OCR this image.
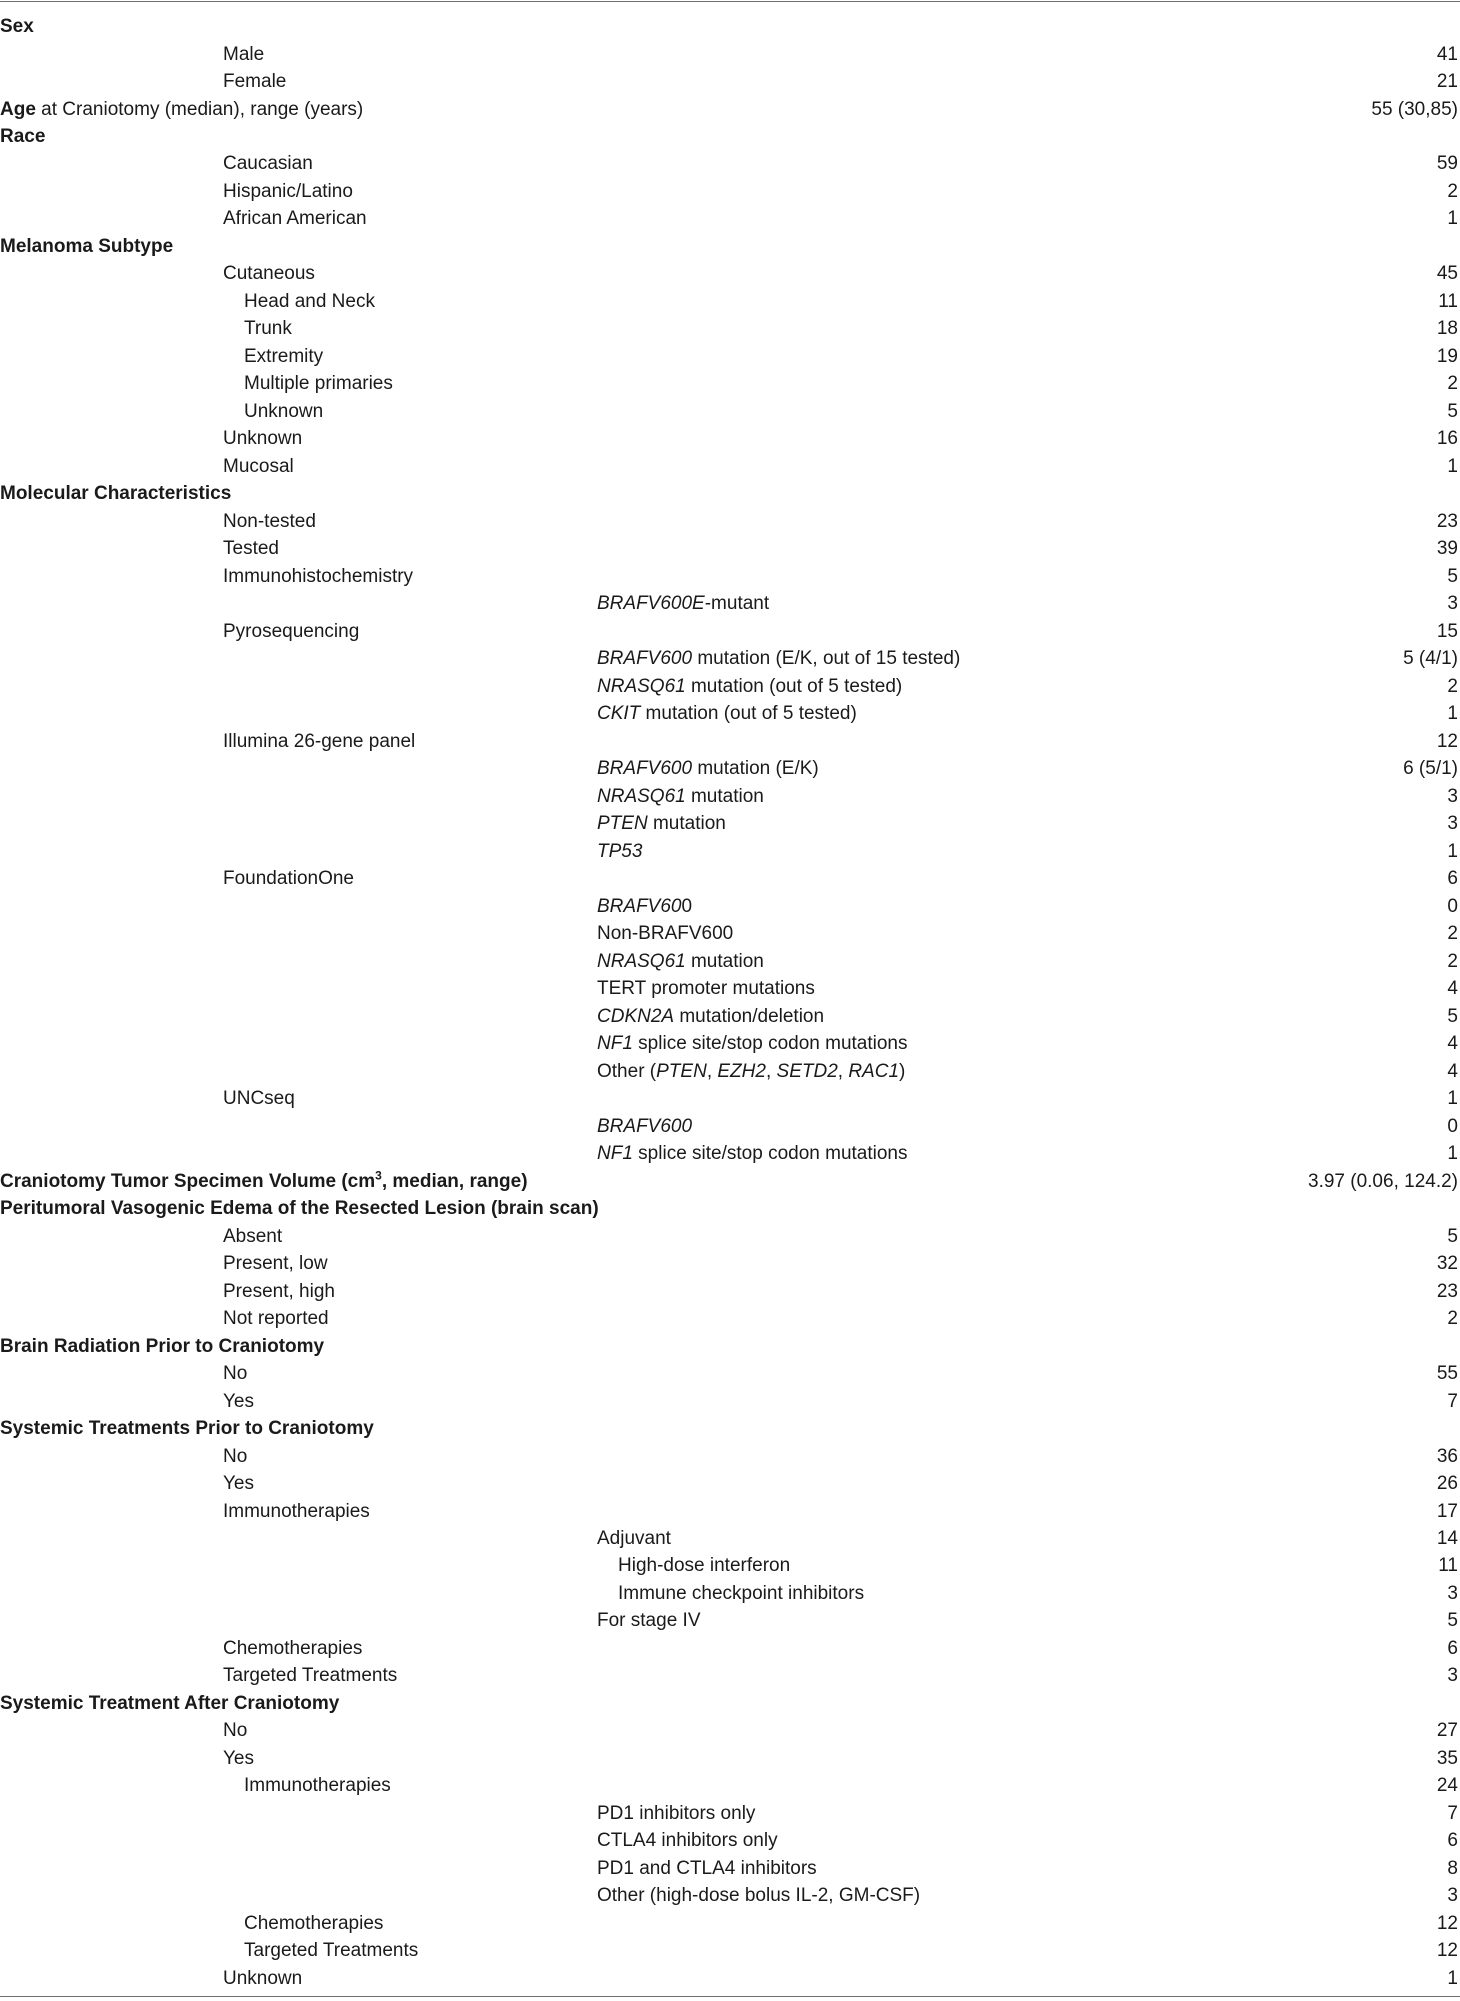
Sex
Male	41
Female	21
Age at Craniotomy (median), range (years)	55 (30,85)
Race
Caucasian	59
Hispanic/Latino	2
African American	1
Melanoma Subtype
Cutaneous	45
Head and Neck	11
Trunk	18
Extremity	19
Multiple primaries	2
Unknown	5
Unknown	16
Mucosal	1
Molecular Characteristics
Non-tested	23
Tested	39
Immunohistochemistry	5
BRAFV600E-mutant	3
Pyrosequencing	15
BRAFV600 mutation (E/K, out of 15 tested)	5 (4/1)
NRASQ61 mutation (out of 5 tested)	2
CKIT mutation (out of 5 tested)	1
Illumina 26-gene panel	12
BRAFV600 mutation (E/K)	6 (5/1)
NRASQ61 mutation	3
PTEN mutation	3
TP53	1
FoundationOne	6
BRAFV600	0
Non-BRAFV600	2
NRASQ61 mutation	2
TERT promoter mutations	4
CDKN2A mutation/deletion	5
NF1 splice site/stop codon mutations	4
Other (PTEN, EZH2, SETD2, RAC1)	4
UNCseq	1
BRAFV600	0
NF1 splice site/stop codon mutations	1
Craniotomy Tumor Specimen Volume ($cm^3$, median, range)	3.97 (0.06, 124.2)
Peritumoral Vasogenic Edema of the Resected Lesion (brain scan)
Absent	5
Present, low	32
Present, high	23
Not reported	2
Brain Radiation Prior to Craniotomy
No	55
Yes	7
Systemic Treatments Prior to Craniotomy
No	36
Yes	26
Immunotherapies	17
Adjuvant	14
High-dose interferon	11
Immune checkpoint inhibitors	3
For stage IV	5
Chemotherapies	6
Targeted Treatments	3
Systemic Treatment After Craniotomy
No	27
Yes	35
Immunotherapies	24
PD1 inhibitors only	7
CTLA4 inhibitors only	6
PD1 and CTLA4 inhibitors	8
Other (high-dose bolus IL-2, GM-CSF)	3
Chemotherapies	12
Targeted Treatments	12
Unknown	1
